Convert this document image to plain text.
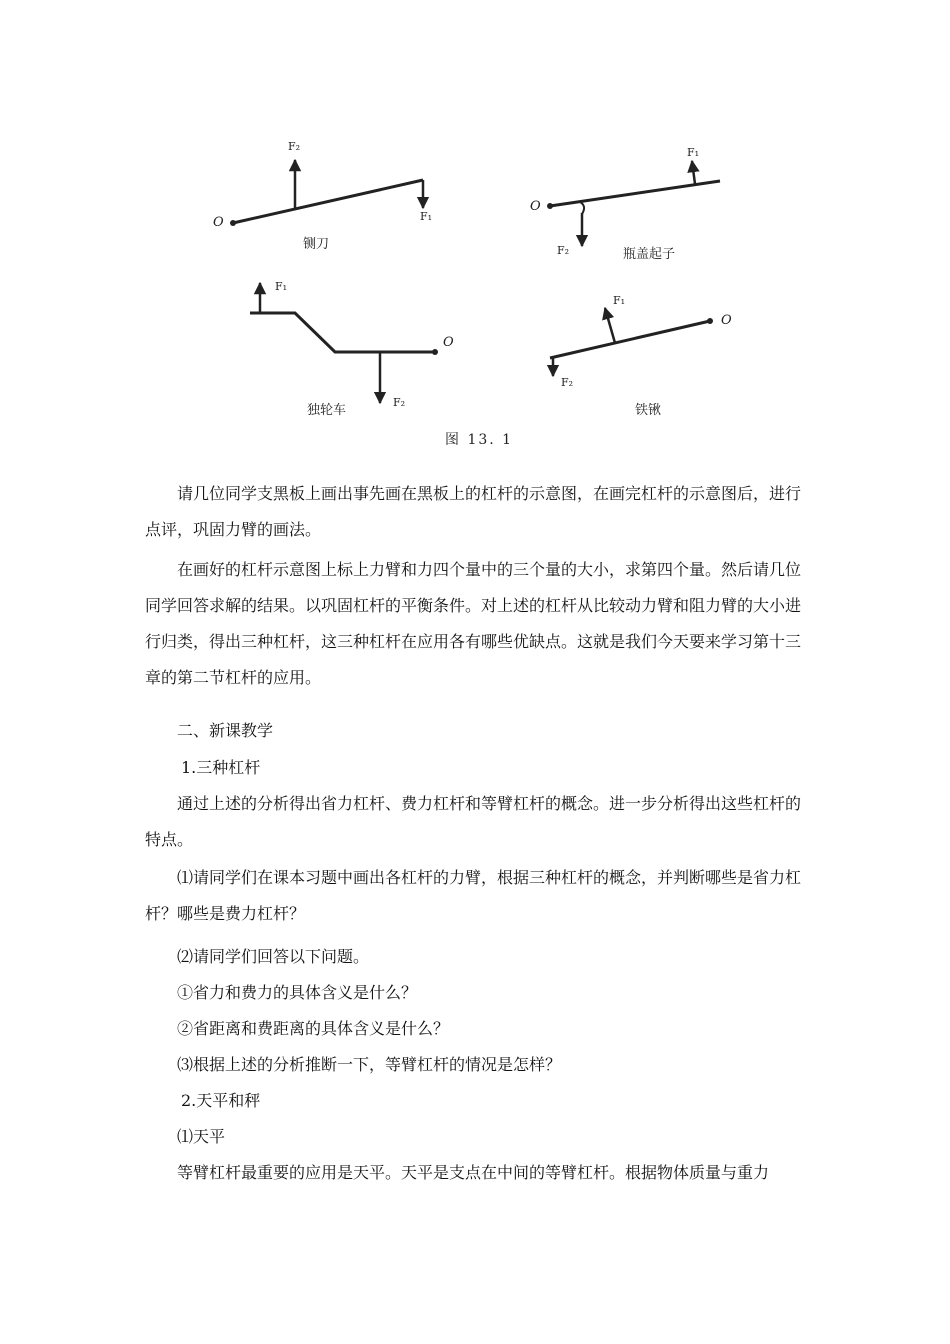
F₂
F₁
O
铡刀
F₁
O
F₂	瓶盖起子
F₁
O
F₂
独轮车
F₁
O
F₂
铁锹
图 13. 1

请几位同学支黑板上画出事先画在黑板上的杠杆的示意图，在画完杠杆的示意图后，进行点评，巩固力臂的画法。

在画好的杠杆示意图上标上力臂和力四个量中的三个量的大小，求第四个量。然后请几位同学回答求解的结果。以巩固杠杆的平衡条件。对上述的杠杆从比较动力臂和阻力臂的大小进行归类，得出三种杠杆，这三种杠杆在应用各有哪些优缺点。这就是我们今天要来学习第十三章的第二节杠杆的应用。

二、新课教学

1.三种杠杆

通过上述的分析得出省力杠杆、费力杠杆和等臂杠杆的概念。进一步分析得出这些杠杆的特点。

⑴请同学们在课本习题中画出各杠杆的力臂，根据三种杠杆的概念，并判断哪些是省力杠杆？哪些是费力杠杆？

⑵请同学们回答以下问题。

①省力和费力的具体含义是什么？

②省距离和费距离的具体含义是什么？

⑶根据上述的分析推断一下，等臂杠杆的情况是怎样？

2.天平和秤

⑴天平

等臂杠杆最重要的应用是天平。天平是支点在中间的等臂杠杆。根据物体质量与重力
